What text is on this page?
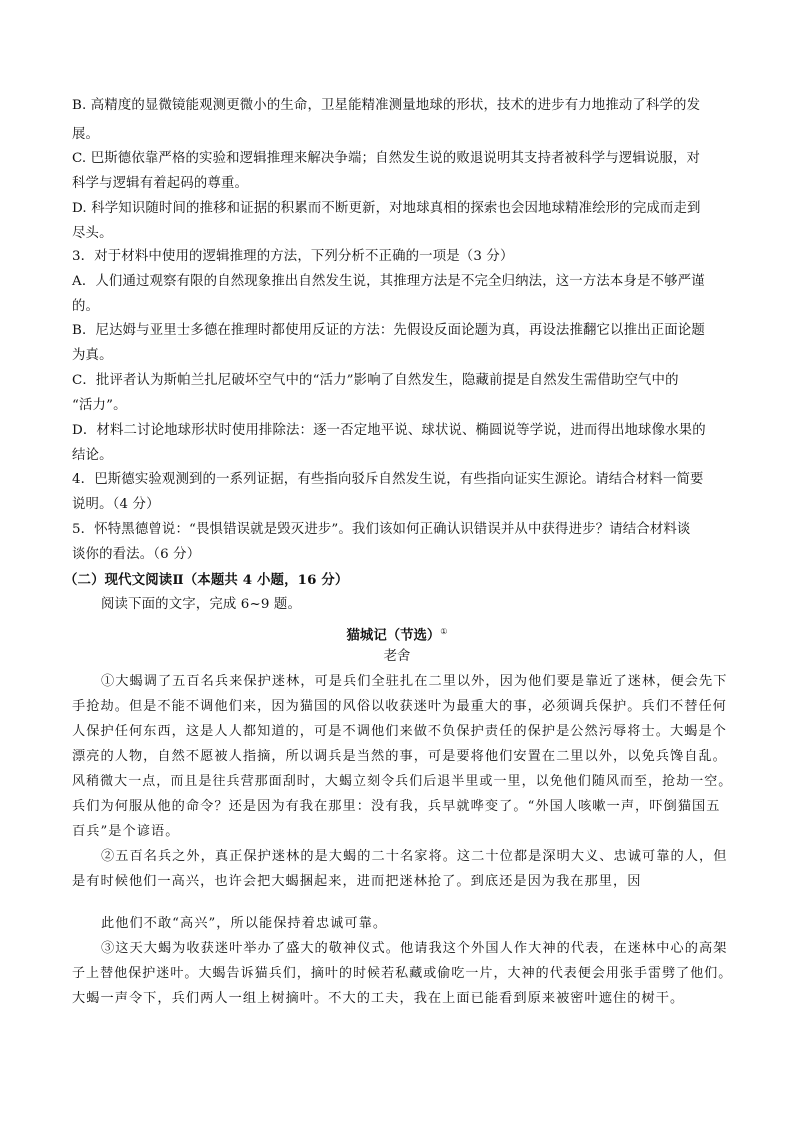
B. 高精度的显微镜能观测更微小的生命，卫星能精准测量地球的形状，技术的进步有力地推动了科学的发
展。
C. 巴斯德依靠严格的实验和逻辑推理来解决争端；自然发生说的败退说明其支持者被科学与逻辑说服，对
科学与逻辑有着起码的尊重。
D. 科学知识随时间的推移和证据的积累而不断更新，对地球真相的探索也会因地球精准绘形的完成而走到
尽头。
3．对于材料中使用的逻辑推理的方法，下列分析不正确的一项是（3 分）
A．人们通过观察有限的自然现象推出自然发生说，其推理方法是不完全归纳法，这一方法本身是不够严谨
的。
B．尼达姆与亚里士多德在推理时都使用反证的方法：先假设反面论题为真，再设法推翻它以推出正面论题
为真。
C．批评者认为斯帕兰扎尼破坏空气中的“活力”影响了自然发生，隐藏前提是自然发生需借助空气中的
“活力”。
D．材料二讨论地球形状时使用排除法：逐一否定地平说、球状说、椭圆说等学说，进而得出地球像水果的
结论。
4．巴斯德实验观测到的一系列证据，有些指向驳斥自然发生说，有些指向证实生源论。请结合材料一简要
说明。（4 分）
5．怀特黑德曾说：“畏惧错误就是毁灭进步”。我们该如何正确认识错误并从中获得进步？请结合材料谈
谈你的看法。（6 分）
（二）现代文阅读Ⅱ（本题共 4 小题，16 分）
阅读下面的文字，完成 6~9 题。
猫城记（节选）①
老舍
①大蝎调了五百名兵来保护迷林，可是兵们全驻扎在二里以外，因为他们要是靠近了迷林，便会先下
手抢劫。但是不能不调他们来，因为猫国的风俗以收获迷叶为最重大的事，必须调兵保护。兵们不替任何
人保护任何东西，这是人人都知道的，可是不调他们来做不负保护责任的保护是公然污辱将士。大蝎是个
漂亮的人物，自然不愿被人指摘，所以调兵是当然的事，可是要将他们安置在二里以外，以免兵馋自乱。
风稍微大一点，而且是往兵营那面刮时，大蝎立刻令兵们后退半里或一里，以免他们随风而至，抢劫一空。
兵们为何服从他的命令？还是因为有我在那里：没有我，兵早就哗变了。“外国人咳嗽一声，吓倒猫国五
百兵”是个谚语。
②五百名兵之外，真正保护迷林的是大蝎的二十名家将。这二十位都是深明大义、忠诚可靠的人，但
是有时候他们一高兴，也许会把大蝎捆起来，进而把迷林抢了。到底还是因为我在那里，因
此他们不敢“高兴”，所以能保持着忠诚可靠。
③这天大蝎为收获迷叶举办了盛大的敬神仪式。他请我这个外国人作大神的代表，在迷林中心的高架
子上替他保护迷叶。大蝎告诉猫兵们，摘叶的时候若私藏或偷吃一片，大神的代表便会用张手雷劈了他们。
大蝎一声令下，兵们两人一组上树摘叶。不大的工夫，我在上面已能看到原来被密叶遮住的树干。
